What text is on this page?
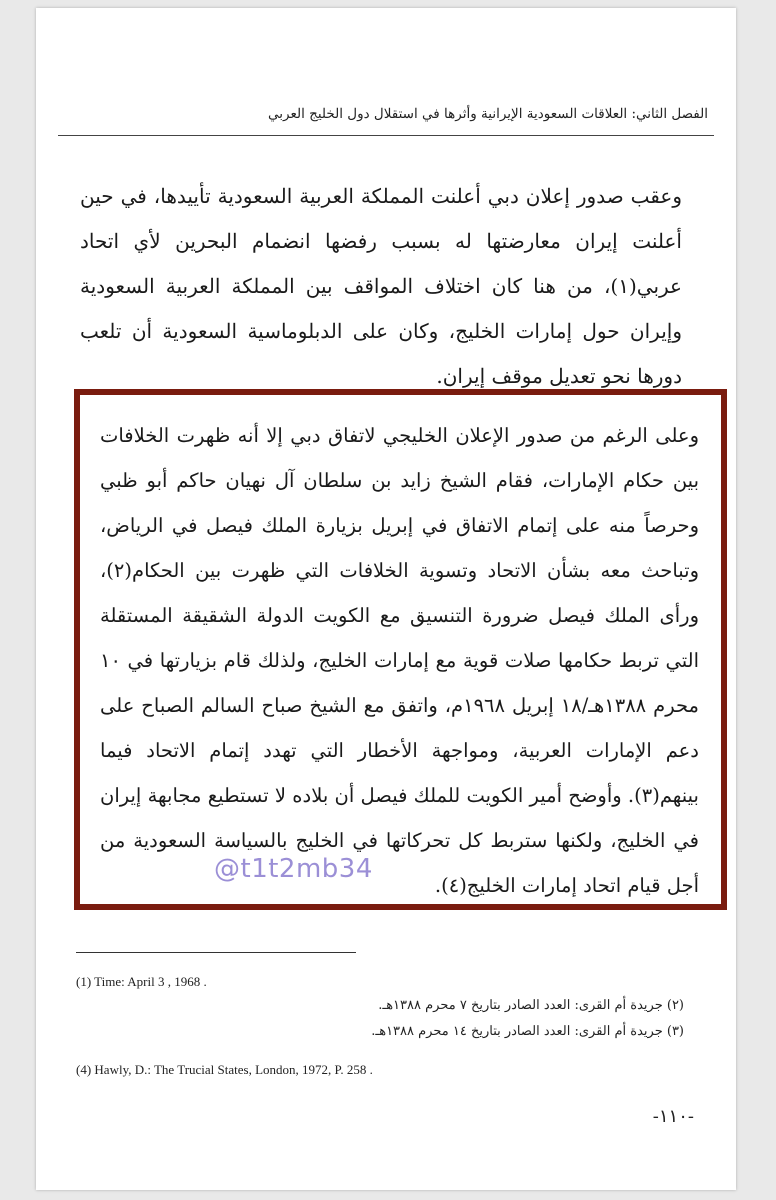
الفصل الثاني: العلاقات السعودية الإيرانية وأثرها في استقلال دول الخليج العربي

وعقب صدور إعلان دبي أعلنت المملكة العربية السعودية تأييدها، في حين أعلنت إيران معارضتها له بسبب رفضها انضمام البحرين لأي اتحاد عربي(١)، من هنا كان اختلاف المواقف بين المملكة العربية السعودية وإيران حول إمارات الخليج، وكان على الدبلوماسية السعودية أن تلعب دورها نحو تعديل موقف إيران.

وعلى الرغم من صدور الإعلان الخليجي لاتفاق دبي إلا أنه ظهرت الخلافات بين حكام الإمارات، فقام الشيخ زايد بن سلطان آل نهيان حاكم أبو ظبي وحرصاً منه على إتمام الاتفاق في إبريل بزيارة الملك فيصل في الرياض، وتباحث معه بشأن الاتحاد وتسوية الخلافات التي ظهرت بين الحكام(٢)، ورأى الملك فيصل ضرورة التنسيق مع الكويت الدولة الشقيقة المستقلة التي تربط حكامها صلات قوية مع إمارات الخليج، ولذلك قام بزيارتها في ١٠ محرم ١٣٨٨هـ/١٨ إبريل ١٩٦٨م، واتفق مع الشيخ صباح السالم الصباح على دعم الإمارات العربية، ومواجهة الأخطار التي تهدد إتمام الاتحاد فيما بينهم(٣). وأوضح أمير الكويت للملك فيصل أن بلاده لا تستطيع مجابهة إيران في الخليج، ولكنها ستربط كل تحركاتها في الخليج بالسياسة السعودية من أجل قيام اتحاد إمارات الخليج(٤).

@t1t2mb34
(1) Time: April 3 , 1968 .
(٢) جريدة أم القرى: العدد الصادر بتاريخ ٧ محرم ١٣٨٨هـ.
(٣) جريدة أم القرى: العدد الصادر بتاريخ ١٤ محرم ١٣٨٨هـ.
(4) Hawly, D.: The Trucial States, London, 1972, P. 258 .
-١١٠-
